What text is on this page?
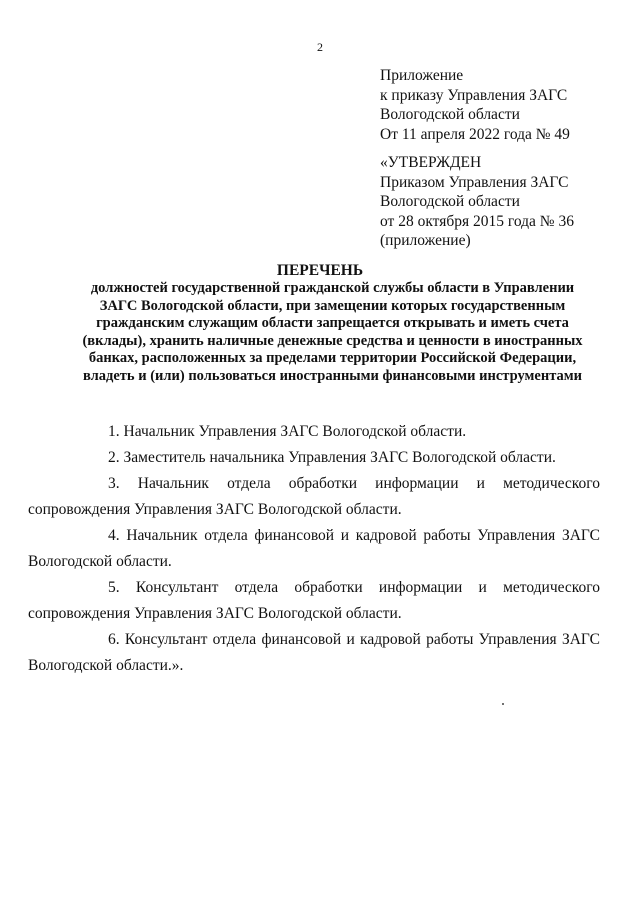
2
Приложение
к приказу Управления ЗАГС
Вологодской области
От 11 апреля 2022 года № 49
«УТВЕРЖДЕН
Приказом Управления ЗАГС
Вологодской области
от 28 октября 2015 года № 36
(приложение)
ПЕРЕЧЕНЬ
должностей государственной гражданской службы области в Управлении
ЗАГС Вологодской области, при замещении которых государственным
гражданским служащим области запрещается открывать и иметь счета
(вклады), хранить наличные денежные средства и ценности в иностранных
банках, расположенных за пределами территории Российской Федерации,
владеть и (или) пользоваться иностранными финансовыми инструментами
1. Начальник Управления ЗАГС Вологодской области.
2. Заместитель начальника Управления ЗАГС Вологодской области.
3. Начальник отдела обработки информации и методического
сопровождения Управления ЗАГС Вологодской области.
4. Начальник отдела финансовой и кадровой работы Управления ЗАГС
Вологодской области.
5. Консультант отдела обработки информации и методического
сопровождения Управления ЗАГС Вологодской области.
6. Консультант отдела финансовой и кадровой работы Управления ЗАГС
Вологодской области.».
